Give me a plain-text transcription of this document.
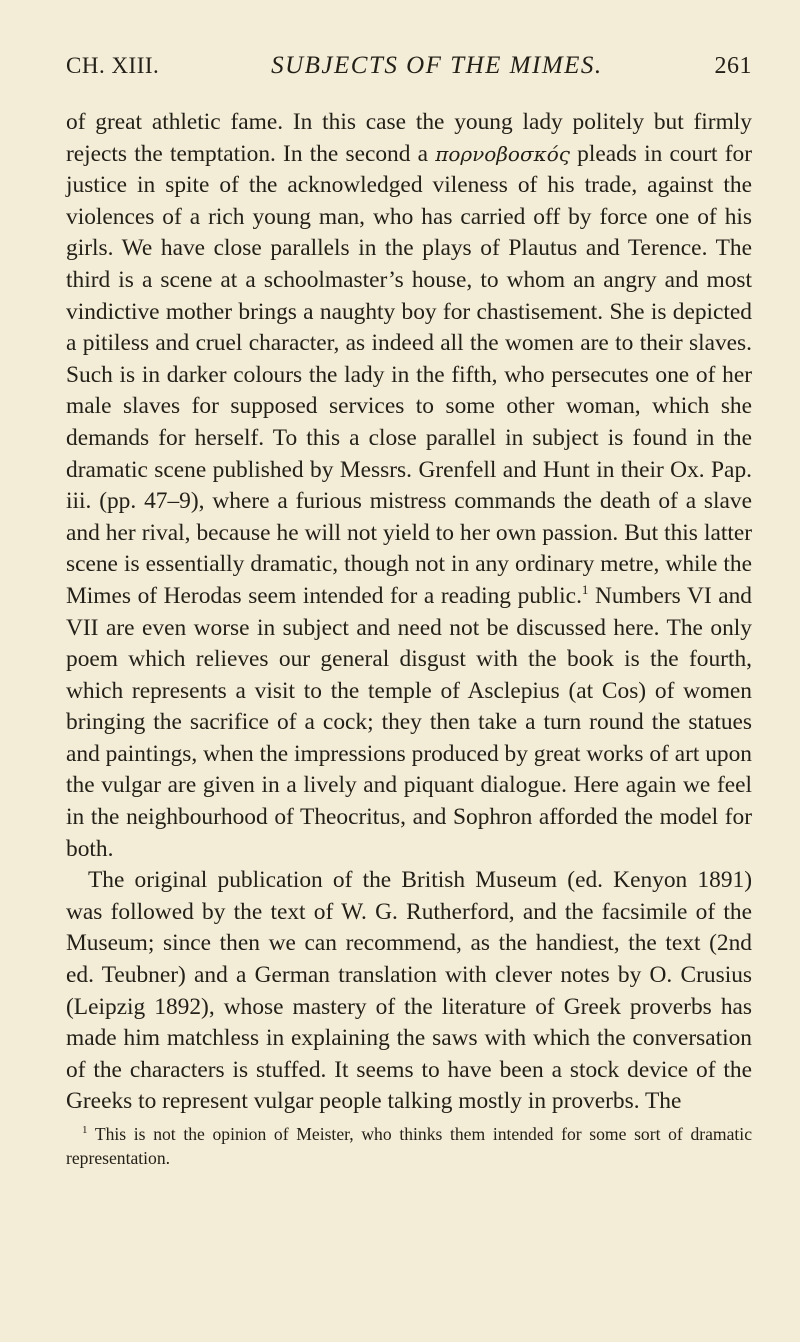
CH. XIII.	SUBJECTS OF THE MIMES.	261

of great athletic fame. In this case the young lady politely but firmly rejects the temptation. In the second a πορνοβοσκός pleads in court for justice in spite of the acknowledged vileness of his trade, against the violences of a rich young man, who has carried off by force one of his girls. We have close parallels in the plays of Plautus and Terence. The third is a scene at a schoolmaster’s house, to whom an angry and most vindictive mother brings a naughty boy for chastisement. She is depicted a pitiless and cruel character, as indeed all the women are to their slaves. Such is in darker colours the lady in the fifth, who persecutes one of her male slaves for supposed services to some other woman, which she demands for herself. To this a close parallel in subject is found in the dramatic scene published by Messrs. Grenfell and Hunt in their Ox. Pap. iii. (pp. 47–9), where a furious mistress commands the death of a slave and her rival, because he will not yield to her own passion. But this latter scene is essentially dramatic, though not in any ordinary metre, while the Mimes of Herodas seem intended for a reading public.$^1$ Numbers VI and VII are even worse in subject and need not be discussed here. The only poem which relieves our general disgust with the book is the fourth, which represents a visit to the temple of Asclepius (at Cos) of women bringing the sacrifice of a cock; they then take a turn round the statues and paintings, when the impressions produced by great works of art upon the vulgar are given in a lively and piquant dialogue. Here again we feel in the neighbourhood of Theocritus, and Sophron afforded the model for both.

The original publication of the British Museum (ed. Kenyon 1891) was followed by the text of W. G. Rutherford, and the facsimile of the Museum; since then we can recommend, as the handiest, the text (2nd ed. Teubner) and a German translation with clever notes by O. Crusius (Leipzig 1892), whose mastery of the literature of Greek proverbs has made him matchless in explaining the saws with which the conversation of the characters is stuffed. It seems to have been a stock device of the Greeks to represent vulgar people talking mostly in proverbs. The

$^1$ This is not the opinion of Meister, who thinks them intended for some sort of dramatic representation.
